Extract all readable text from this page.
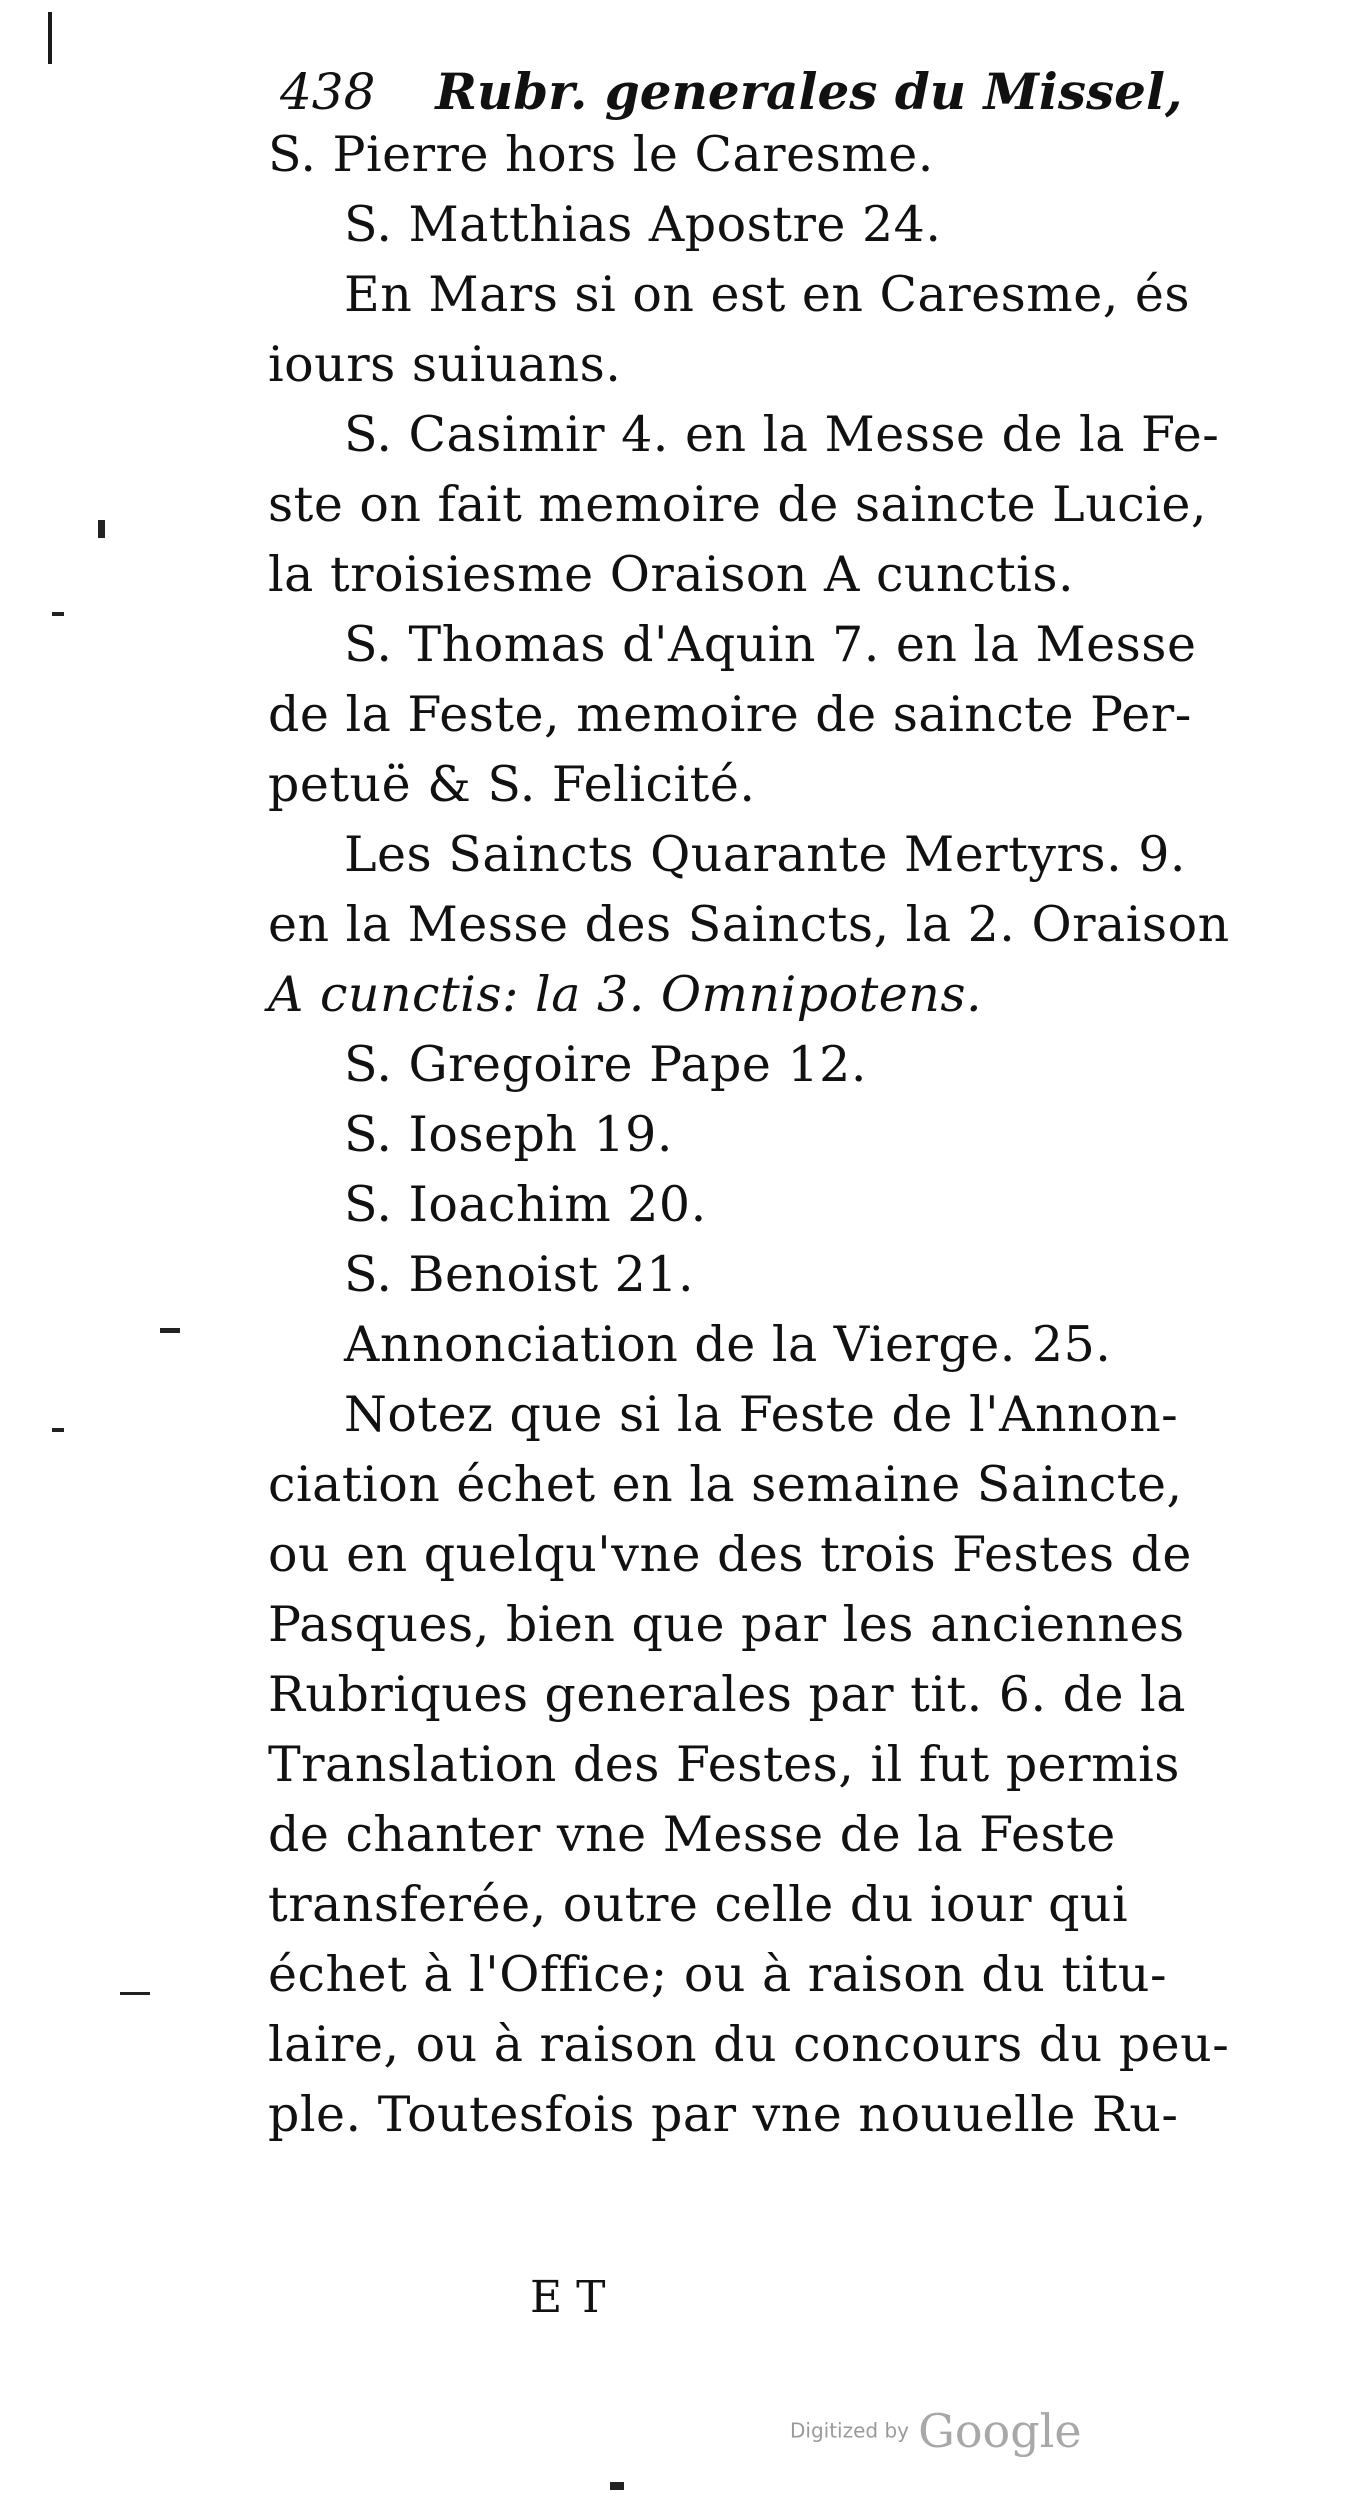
438 Rubr. generales du Missel,
S. Pierre hors le Caresme.
S. Matthias Apostre 24.
En Mars si on est en Caresme, és
iours suiuans.
S. Casimir 4. en la Messe de la Fe-
ste on fait memoire de saincte Lucie,
la troisiesme Oraison A cunctis.
S. Thomas d'Aquin 7. en la Messe
de la Feste, memoire de saincte Per-
petuë & S. Felicité.
Les Saincts Quarante Mertyrs. 9.
en la Messe des Saincts, la 2. Oraison
A cunctis: la 3. Omnipotens.
S. Gregoire Pape 12.
S. Ioseph 19.
S. Ioachim 20.
S. Benoist 21.
Annonciation de la Vierge. 25.
Notez que si la Feste de l'Annon-
ciation échet en la semaine Saincte,
ou en quelqu'vne des trois Festes de
Pasques, bien que par les anciennes
Rubriques generales par tit. 6. de la
Translation des Festes, il fut permis
de chanter vne Messe de la Feste
transferée, outre celle du iour qui
échet à l'Office; ou à raison du titu-
laire, ou à raison du concours du peu-
ple. Toutesfois par vne nouuelle Ru-
E T
Digitized by Google
